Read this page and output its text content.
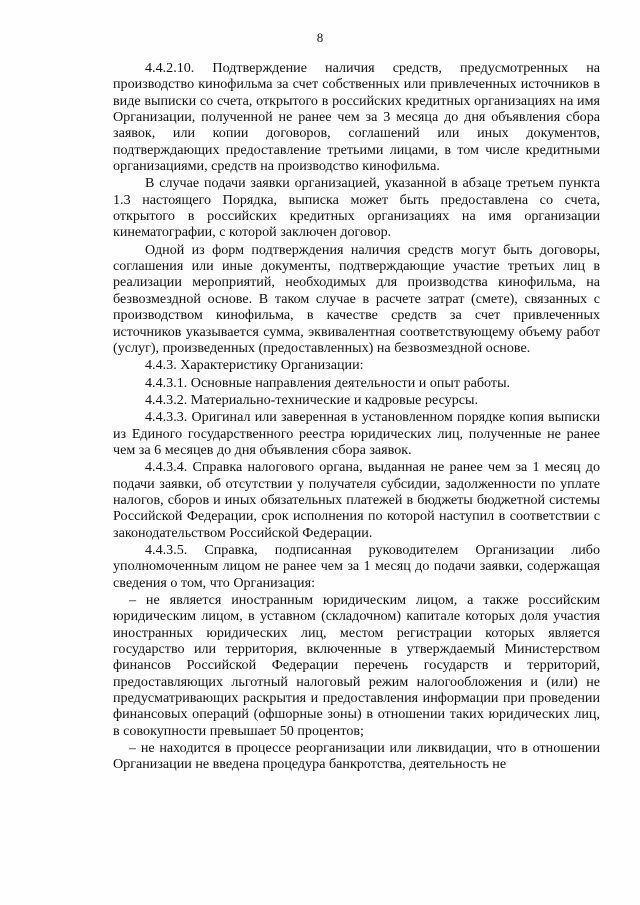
8

4.4.2.10. Подтверждение наличия средств, предусмотренных на производство кинофильма за счет собственных или привлеченных источников в виде выписки со счета, открытого в российских кредитных организациях на имя Организации, полученной не ранее чем за 3 месяца до дня объявления сбора заявок, или копии договоров, соглашений или иных документов, подтверждающих предоставление третьими лицами, в том числе кредитными организациями, средств на производство кинофильма.

В случае подачи заявки организацией, указанной в абзаце третьем пункта 1.3 настоящего Порядка, выписка может быть предоставлена со счета, открытого в российских кредитных организациях на имя организации кинематографии, с которой заключен договор.

Одной из форм подтверждения наличия средств могут быть договоры, соглашения или иные документы, подтверждающие участие третьих лиц в реализации мероприятий, необходимых для производства кинофильма, на безвозмездной основе. В таком случае в расчете затрат (смете), связанных с производством кинофильма, в качестве средств за счет привлеченных источников указывается сумма, эквивалентная соответствующему объему работ (услуг), произведенных (предоставленных) на безвозмездной основе.

4.4.3. Характеристику Организации:

4.4.3.1. Основные направления деятельности и опыт работы.

4.4.3.2. Материально-технические и кадровые ресурсы.

4.4.3.3. Оригинал или заверенная в установленном порядке копия выписки из Единого государственного реестра юридических лиц, полученные не ранее чем за 6 месяцев до дня объявления сбора заявок.

4.4.3.4. Справка налогового органа, выданная не ранее чем за 1 месяц до подачи заявки, об отсутствии у получателя субсидии, задолженности по уплате налогов, сборов и иных обязательных платежей в бюджеты бюджетной системы Российской Федерации, срок исполнения по которой наступил в соответствии с законодательством Российской Федерации.

4.4.3.5. Справка, подписанная руководителем Организации либо уполномоченным лицом не ранее чем за 1 месяц до подачи заявки, содержащая сведения о том, что Организация:

– не является иностранным юридическим лицом, а также российским юридическим лицом, в уставном (складочном) капитале которых доля участия иностранных юридических лиц, местом регистрации которых является государство или территория, включенные в утверждаемый Министерством финансов Российской Федерации перечень государств и территорий, предоставляющих льготный налоговый режим налогообложения и (или) не предусматривающих раскрытия и предоставления информации при проведении финансовых операций (офшорные зоны) в отношении таких юридических лиц, в совокупности превышает 50 процентов;

– не находится в процессе реорганизации или ликвидации, что в отношении Организации не введена процедура банкротства, деятельность не
